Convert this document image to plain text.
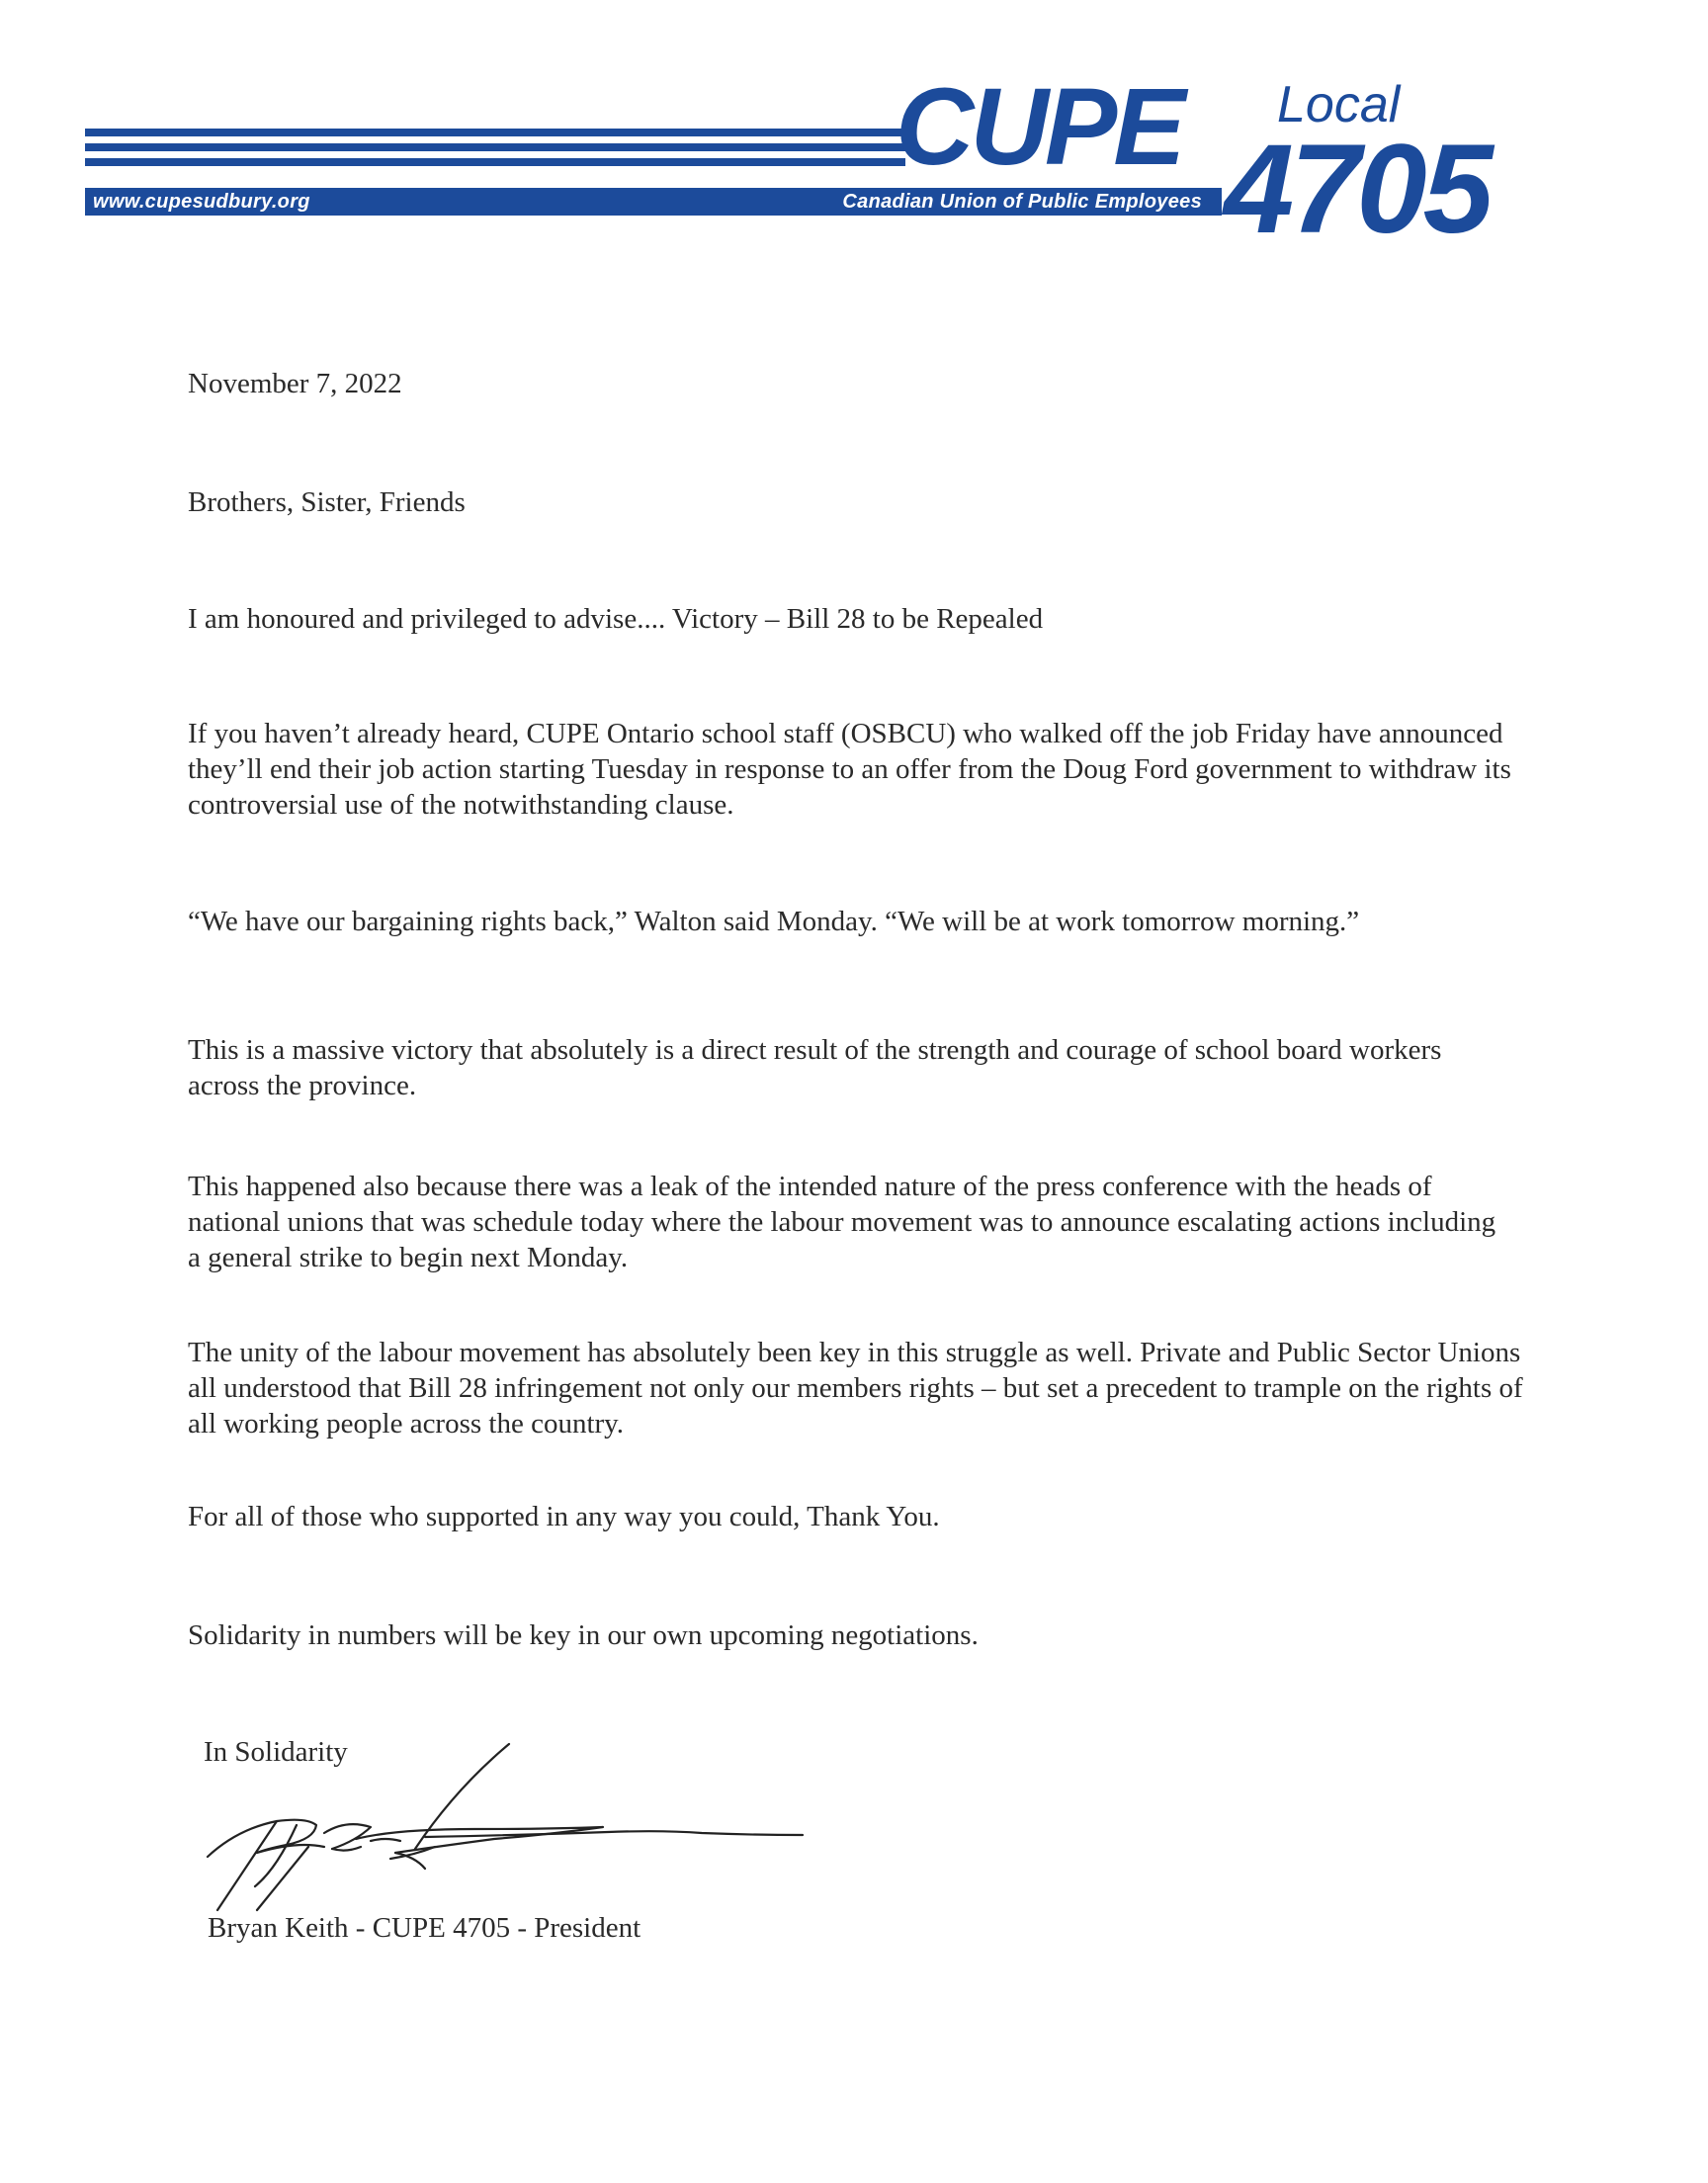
www.cupesudbury.org	Canadian Union of Public Employees
CUPE Local
4705

November 7, 2022

Brothers, Sister, Friends

I am honoured and privileged to advise.... Victory – Bill 28 to be Repealed

If you haven’t already heard, CUPE Ontario school staff (OSBCU) who walked off the job Friday have announced they’ll end their job action starting Tuesday in response to an offer from the Doug Ford government to withdraw its controversial use of the notwithstanding clause.

“We have our bargaining rights back,” Walton said Monday. “We will be at work tomorrow morning.”

This is a massive victory that absolutely is a direct result of the strength and courage of school board workers across the province.

This happened also because there was a leak of the intended nature of the press conference with the heads of national unions that was schedule today where the labour movement was to announce escalating actions including a general strike to begin next Monday.

The unity of the labour movement has absolutely been key in this struggle as well. Private and Public Sector Unions all understood that Bill 28 infringement not only our members rights – but set a precedent to trample on the rights of all working people across the country.

For all of those who supported in any way you could, Thank You.

Solidarity in numbers will be key in our own upcoming negotiations.

In Solidarity

Bryan Keith - CUPE 4705 - President
